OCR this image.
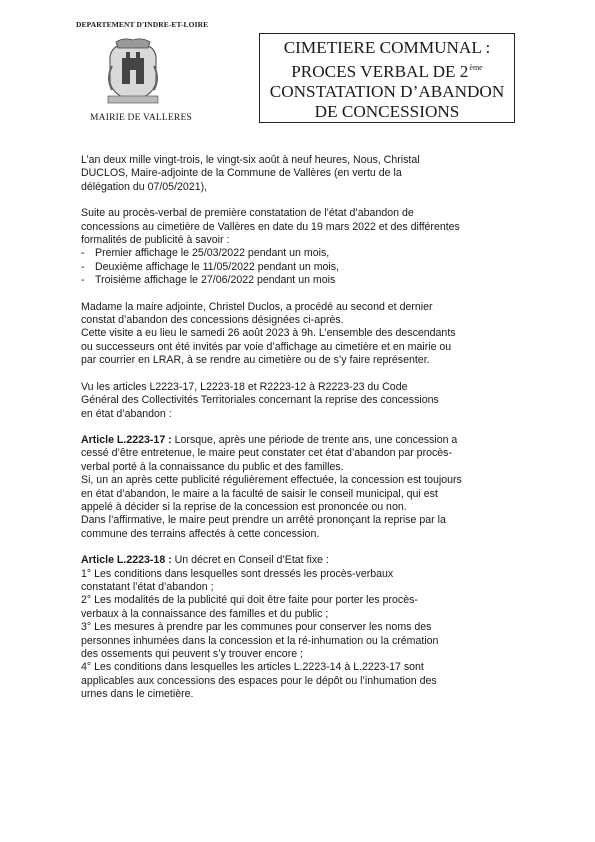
DEPARTEMENT D'INDRE-ET-LOIRE
MAIRIE DE VALLERES
CIMETIERE COMMUNAL :
PROCES VERBAL DE 2ème
CONSTATATION D’ABANDON
DE CONCESSIONS
L’an deux mille vingt-trois, le vingt-six août à neuf heures, Nous, Christal
DUCLOS, Maire-adjointe de la Commune de Vallères (en vertu de la
délégation du 07/05/2021),
Suite au procès-verbal de première constatation de l’état d’abandon de
concessions au cimetière de Vallères en date du 19 mars 2022 et des différentes
formalités de publicité à savoir :
- Premier affichage le 25/03/2022 pendant un mois,
- Deuxième affichage le 11/05/2022 pendant un mois,
- Troisième affichage le 27/06/2022 pendant un mois
Madame la maire adjointe, Christel Duclos, a procédé au second et dernier
constat d’abandon des concessions désignées ci-après.
Cette visite a eu lieu le samedi 26 août 2023 à 9h. L’ensemble des descendants
ou successeurs ont été invités par voie d’affichage au cimetière et en mairie ou
par courrier en LRAR, à se rendre au cimetière ou de s’y faire représenter.
Vu les articles L2223-17, L2223-18 et R2223-12 à R2223-23 du Code
Général des Collectivités Territoriales concernant la reprise des concessions
en état d’abandon :
Article L.2223-17 : Lorsque, après une période de trente ans, une concession a
cessé d’être entretenue, le maire peut constater cet état d’abandon par procès-
verbal porté à la connaissance du public et des familles.
Si, un an après cette publicité régulièrement effectuée, la concession est toujours
en état d’abandon, le maire a la faculté de saisir le conseil municipal, qui est
appelé à décider si la reprise de la concession est prononcée ou non.
Dans l’affirmative, le maire peut prendre un arrêté prononçant la reprise par la
commune des terrains affectés à cette concession.
Article L.2223-18 : Un décret en Conseil d’Etat fixe :
1° Les conditions dans lesquelles sont dressés les procès-verbaux
constatant l’état d’abandon ;
2° Les modalités de la publicité qui doit être faite pour porter les procès-
verbaux à la connaissance des familles et du public ;
3° Les mesures à prendre par les communes pour conserver les noms des
personnes inhumées dans la concession et la ré-inhumation ou la crémation
des ossements qui peuvent s’y trouver encore ;
4° Les conditions dans lesquelles les articles L.2223-14 à L.2223-17 sont
applicables aux concessions des espaces pour le dépôt ou l’inhumation des
urnes dans le cimetière.
